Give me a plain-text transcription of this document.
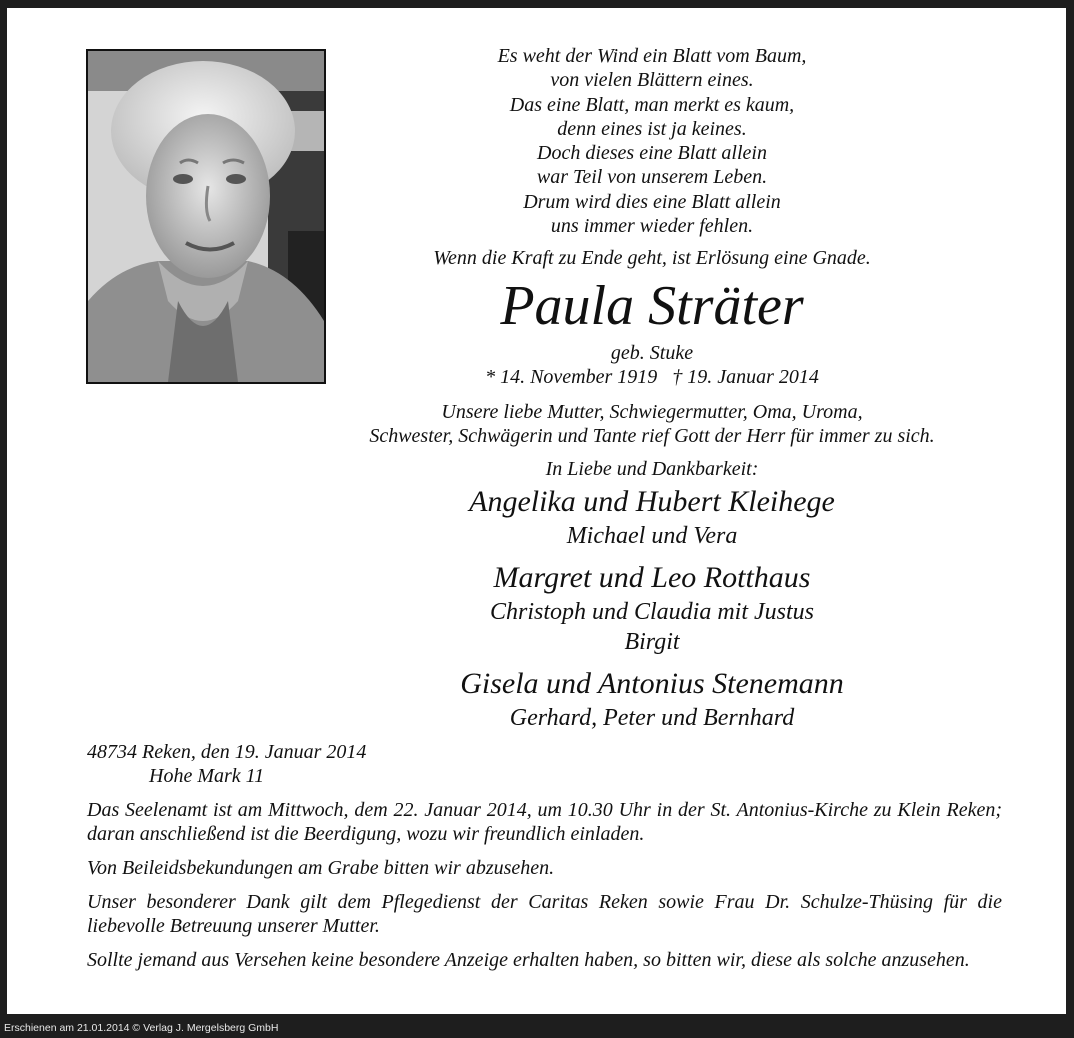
Es weht der Wind ein Blatt vom Baum,
von vielen Blättern eines.
Das eine Blatt, man merkt es kaum,
denn eines ist ja keines.
Doch dieses eine Blatt allein
war Teil von unserem Leben.
Drum wird dies eine Blatt allein
uns immer wieder fehlen.

Wenn die Kraft zu Ende geht, ist Erlösung eine Gnade.

Paula Sträter

geb. Stuke

* 14. November 1919   † 19. Januar 2014

Unsere liebe Mutter, Schwiegermutter, Oma, Uroma,
Schwester, Schwägerin und Tante rief Gott der Herr für immer zu sich.

In Liebe und Dankbarkeit:

Angelika und Hubert Kleihege

Michael und Vera

Margret und Leo Rotthaus

Christoph und Claudia mit Justus

Birgit

Gisela und Antonius Stenemann

Gerhard, Peter und Bernhard

48734 Reken, den 19. Januar 2014

Hohe Mark 11

Das Seelenamt ist am Mittwoch, dem 22. Januar 2014, um 10.30 Uhr in der St. Antonius-Kirche zu Klein Reken; daran anschließend ist die Beerdigung, wozu wir freundlich einladen.

Von Beileidsbekundungen am Grabe bitten wir abzusehen.

Unser besonderer Dank gilt dem Pflegedienst der Caritas Reken sowie Frau Dr. Schulze-Thüsing für die liebevolle Betreuung unserer Mutter.

Sollte jemand aus Versehen keine besondere Anzeige erhalten haben, so bitten wir, diese als solche anzusehen.

Erschienen am 21.01.2014 © Verlag J. Mergelsberg GmbH
